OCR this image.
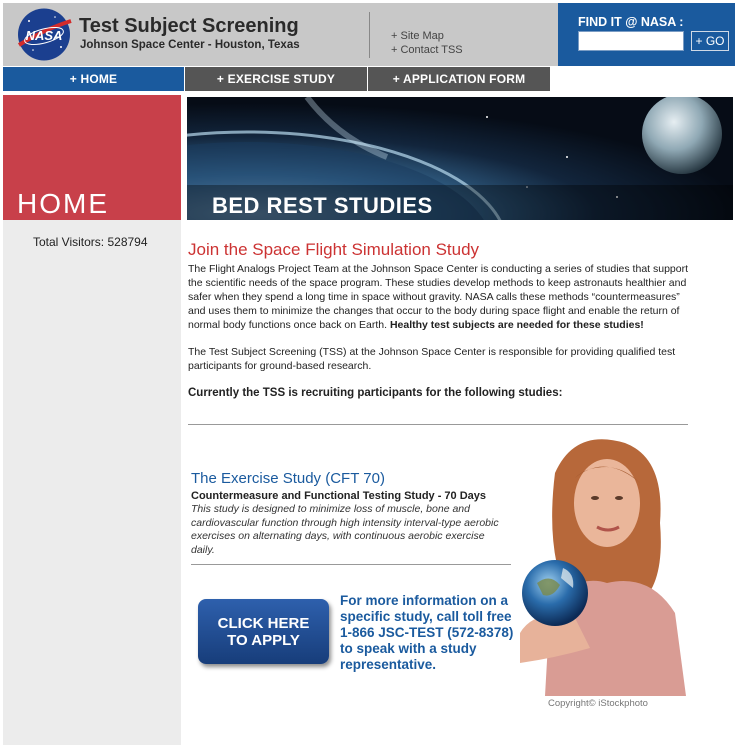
NASA Test Subject Screening
Johnson Space Center - Houston, Texas
+ Site Map
+ Contact TSS
FIND IT @ NASA :
+ GO
+ HOME	+ EXERCISE STUDY	+ APPLICATION FORM
HOME
Total Visitors: 528794
BED REST STUDIES
Join the Space Flight Simulation Study

The Flight Analogs Project Team at the Johnson Space Center is conducting a series of studies that support the scientific needs of the space program. These studies develop methods to keep astronauts healthier and safer when they spend a long time in space without gravity. NASA calls these methods “countermeasures” and uses them to minimize the changes that occur to the body during space flight and enable the return of normal body functions once back on Earth. Healthy test subjects are needed for these studies!

The Test Subject Screening (TSS) at the Johnson Space Center is responsible for providing qualified test participants for ground-based research.

Currently the TSS is recruiting participants for the following studies:

The Exercise Study (CFT 70)
Countermeasure and Functional Testing Study - 70 Days
This study is designed to minimize loss of muscle, bone and cardiovascular function through high intensity interval-type aerobic exercises on alternating days, with continuous aerobic exercise daily.
CLICK HERE
TO APPLY
For more information on a specific study, call toll free 1-866 JSC-TEST (572-8378) to speak with a study representative.
Copyright© iStockphoto
